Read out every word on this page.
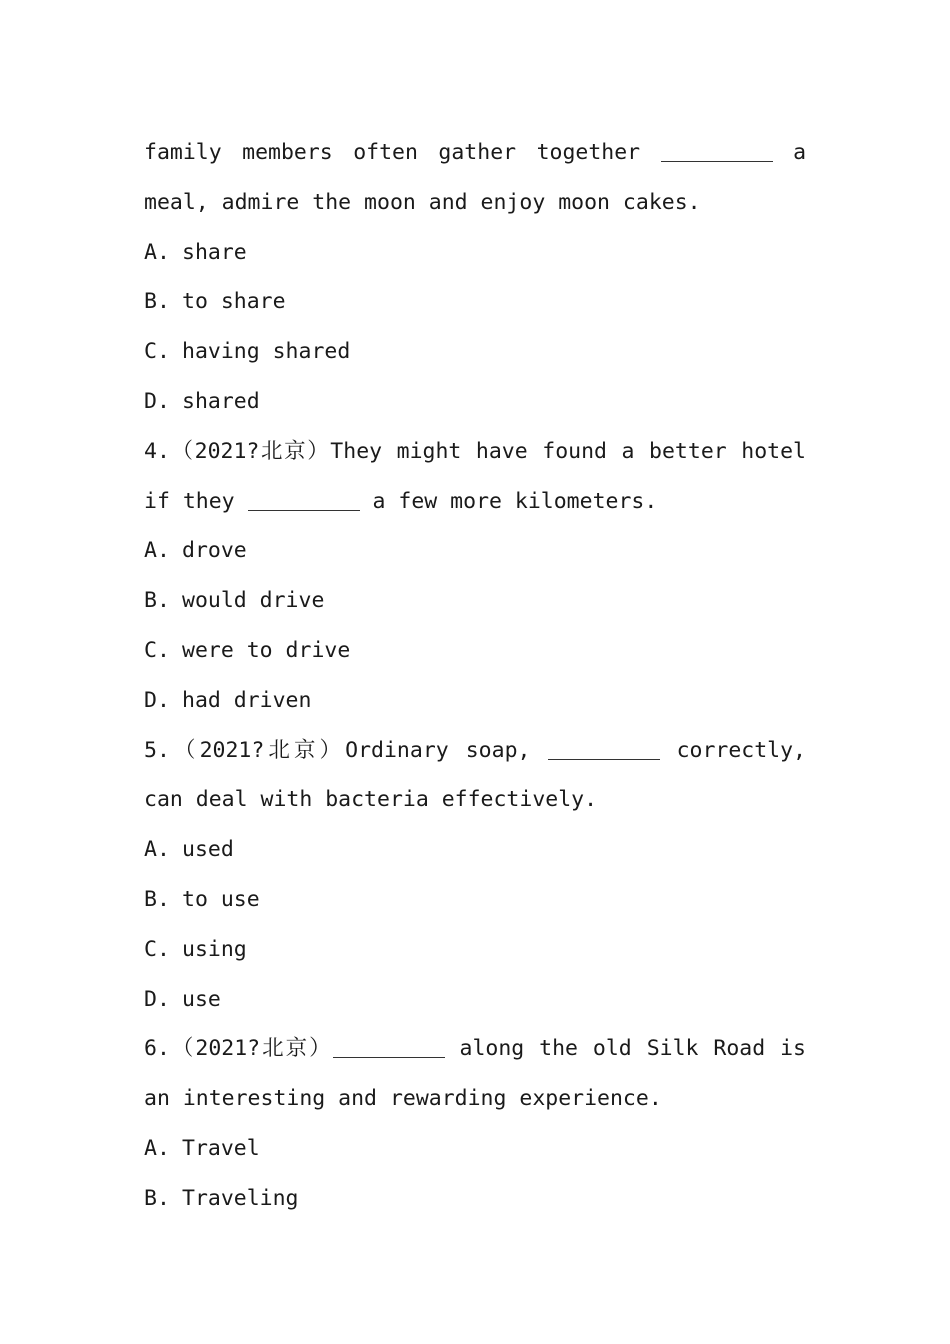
family members often gather together	a
meal, admire the moon and enjoy moon cakes.
A. share
B. to share
C. having shared
D. shared
4.（2021?北京）They might have found a better hotel
if they	a few more kilometers.
A. drove
B. would drive
C. were to drive
D. had driven
5.（2021?北京）Ordinary soap,	correctly,
can deal with bacteria effectively.
A. used
B. to use
C. using
D. use
6.（2021?北京）	along the old Silk Road is
an interesting and rewarding experience.
A. Travel
B. Traveling
